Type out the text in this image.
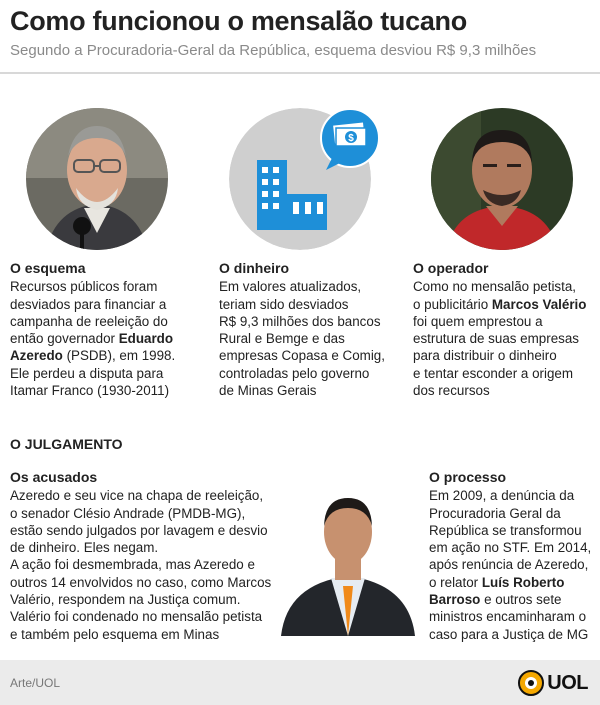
Como funcionou o mensalão tucano
Segundo a Procuradoria-Geral da República, esquema desviou R$ 9,3 milhões
$
O esquema
Recursos públicos foram
desviados para financiar a
campanha de reeleição do
então governador Eduardo
Azeredo (PSDB), em 1998.
Ele perdeu a disputa para
Itamar Franco (1930-2011)
O dinheiro
Em valores atualizados,
teriam sido desviados
R$ 9,3 milhões dos bancos
Rural e Bemge e das
empresas Copasa e Comig,
controladas pelo governo
de Minas Gerais
O operador
Como no mensalão petista,
o publicitário Marcos Valério
foi quem emprestou a
estrutura de suas empresas
para distribuir o dinheiro
e tentar esconder a origem
dos recursos
O JULGAMENTO
Os acusados
Azeredo e seu vice na chapa de reeleição,
o senador Clésio Andrade (PMDB-MG),
estão sendo julgados por lavagem e desvio
de dinheiro. Eles negam.
A ação foi desmembrada, mas Azeredo e
outros 14 envolvidos no caso, como Marcos
Valério, respondem na Justiça comum.
Valério foi condenado no mensalão petista
e também pelo esquema em Minas
O processo
Em 2009, a denúncia da
Procuradoria Geral da
República se transformou
em ação no STF. Em 2014,
após renúncia de Azeredo,
o relator Luís Roberto
Barroso e outros sete
ministros encaminharam o
caso para a Justiça de MG
Arte/UOL	UOL
